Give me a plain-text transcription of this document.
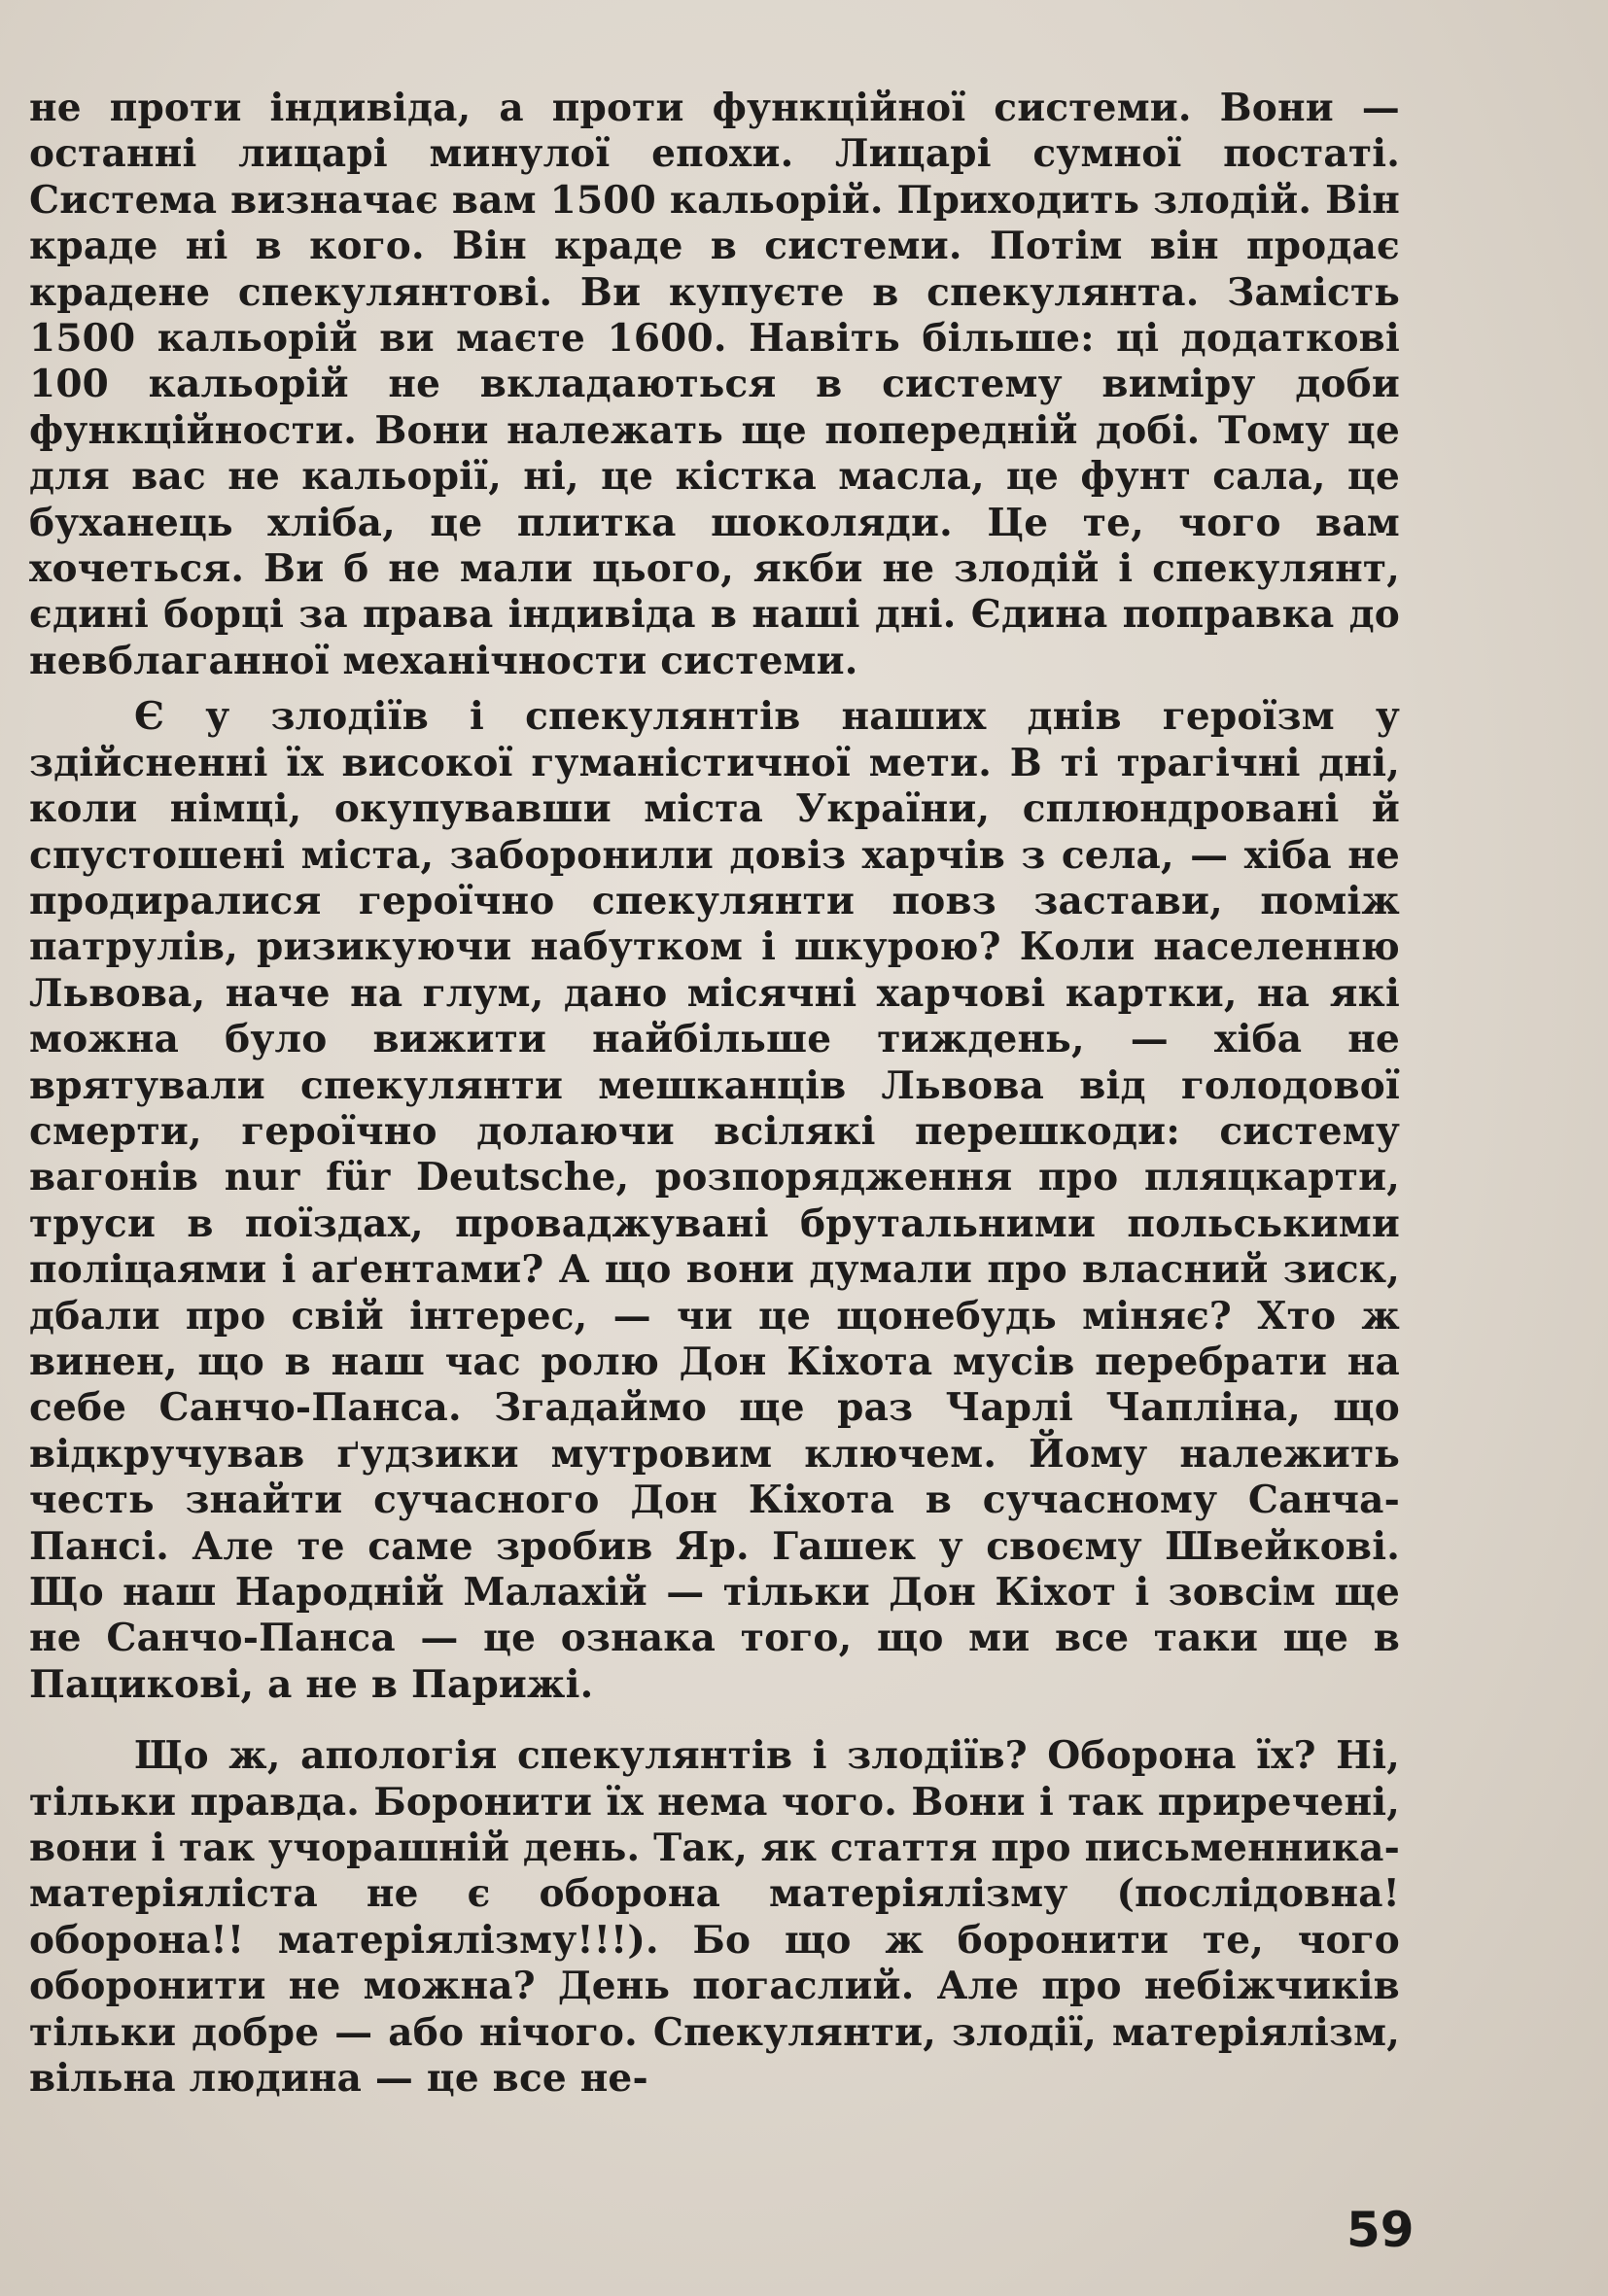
не проти індивіда, а проти функційної системи. Вони — останні лицарі минулої епохи. Лицарі сумної постаті. Система визначає вам 1500 кальорій. Приходить злодій. Він краде ні в кого. Він краде в системи. Потім він продає крадене спекулянтові. Ви купуєте в спекулянта. Замість 1500 кальорій ви маєте 1600. Навіть більше: ці додаткові 100 кальорій не вкладаються в систему виміру доби функційности. Вони належать ще попередній добі. Тому це для вас не кальорії, ні, це кістка масла, це фунт сала, це буханець хліба, це плитка шоколяди. Це те, чого вам хочеться. Ви б не мали цього, якби не злодій і спекулянт, єдині борці за права індивіда в наші дні. Єдина поправка до невблаганної механічности системи.

Є у злодіїв і спекулянтів наших днів героїзм у здійсненні їх високої гуманістичної мети. В ті трагічні дні, коли німці, окупувавши міста України, сплюндровані й спустошені міста, заборонили довіз харчів з села, — хіба не продиралися героїчно спекулянти повз застави, поміж патрулів, ризикуючи набутком і шкурою? Коли населенню Львова, наче на глум, дано місячні харчові картки, на які можна було вижити найбільше тиждень, — хіба не врятували спекулянти мешканців Львова від голодової смерти, героїчно долаючи всілякі перешкоди: систему вагонів nur für Deutsche, розпорядження про пляцкарти, труси в поїздах, проваджувані брутальними польськими поліцаями і аґентами? А що вони думали про власний зиск, дбали про свій інтерес, — чи це щонебудь міняє? Хто ж винен, що в наш час ролю Дон Кіхота мусів перебрати на себе Санчо-Панса. Згадаймо ще раз Чарлі Чапліна, що відкручував ґудзики мутровим ключем. Йому належить честь знайти сучасного Дон Кіхота в сучасному Санча-Пансі. Але те саме зробив Яр. Гашек у своєму Швейкові. Що наш Народній Малахій — тільки Дон Кіхот і зовсім ще не Санчо-Панса — це ознака того, що ми все таки ще в Пацикові, а не в Парижі.

Що ж, апологія спекулянтів і злодіїв? Оборона їх? Ні, тільки правда. Боронити їх нема чого. Вони і так приречені, вони і так учорашній день. Так, як стаття про письменника-матеріяліста не є оборона матеріялізму (послідовна! оборона!! матеріялізму!!!). Бо що ж боронити те, чого оборонити не можна? День погаслий. Але про небіжчиків тільки добре — або нічого. Спекулянти, злодії, матеріялізм, вільна людина — це все не-

59
